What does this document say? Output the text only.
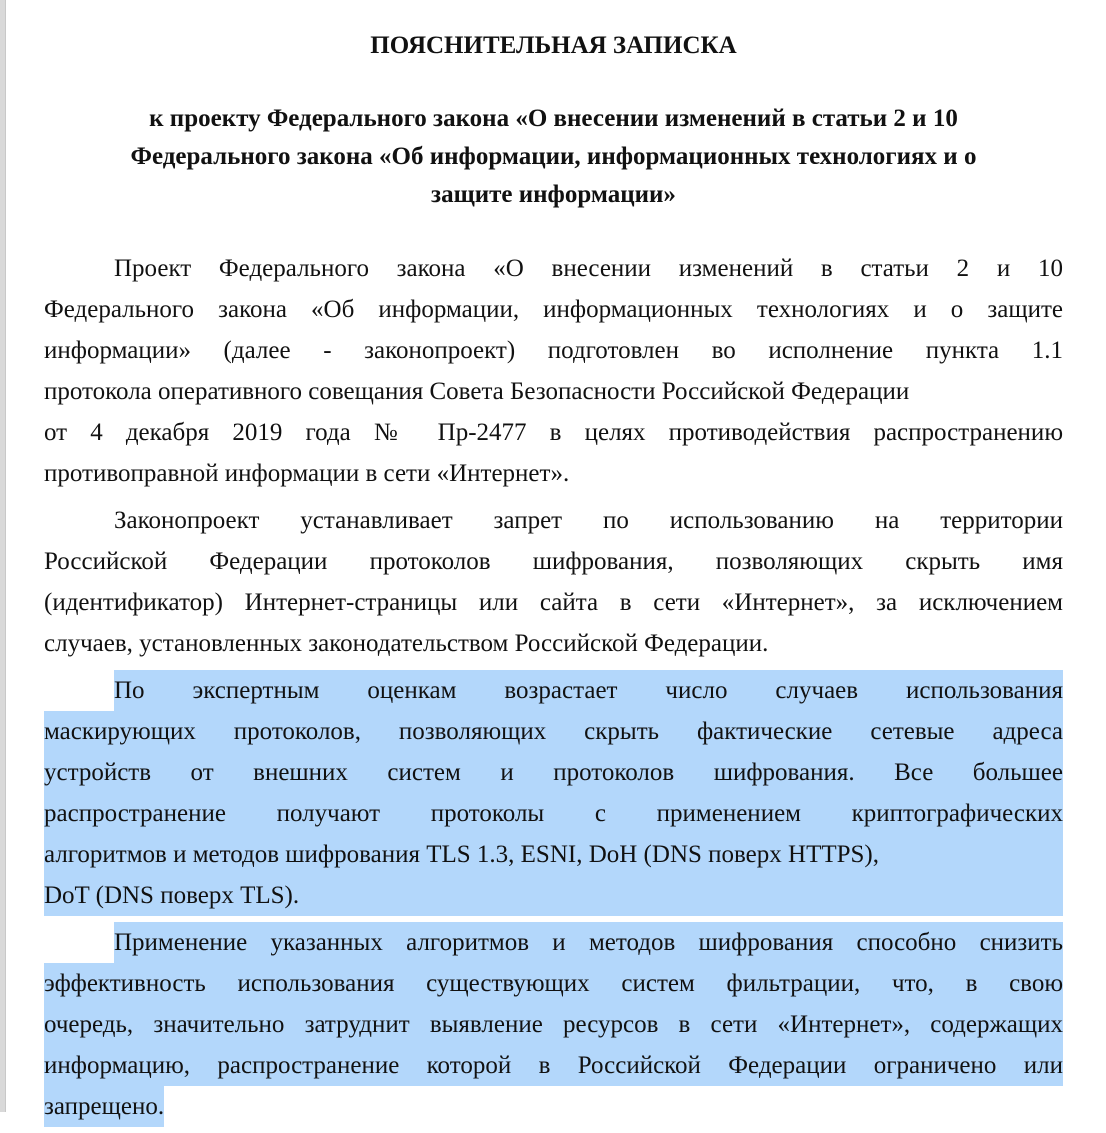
ПОЯСНИТЕЛЬНАЯ ЗАПИСКА
к проекту Федерального закона «О внесении изменений в статьи 2 и 10
Федерального закона «Об информации, информационных технологиях и о
защите информации»
Проект Федерального закона «О внесении изменений в статьи 2 и 10
Федерального закона «Об информации, информационных технологиях и о защите
информации» (далее - законопроект) подготовлен во исполнение пункта 1.1
протокола оперативного совещания Совета Безопасности Российской Федерации
от 4 декабря 2019 года № Пр-2477 в целях противодействия распространению
противоправной информации в сети «Интернет».
Законопроект устанавливает запрет по использованию на территории
Российской Федерации протоколов шифрования, позволяющих скрыть имя
(идентификатор) Интернет-страницы или сайта в сети «Интернет», за исключением
случаев, установленных законодательством Российской Федерации.
По экспертным оценкам возрастает число случаев использования
маскирующих протоколов, позволяющих скрыть фактические сетевые адреса
устройств от внешних систем и протоколов шифрования. Все большее
распространение получают протоколы с применением криптографических
алгоритмов и методов шифрования TLS 1.3, ESNI, DoH (DNS поверх HTTPS),
DoT (DNS поверх TLS).
Применение указанных алгоритмов и методов шифрования способно снизить
эффективность использования существующих систем фильтрации, что, в свою
очередь, значительно затруднит выявление ресурсов в сети «Интернет», содержащих
информацию, распространение которой в Российской Федерации ограничено или
запрещено.
